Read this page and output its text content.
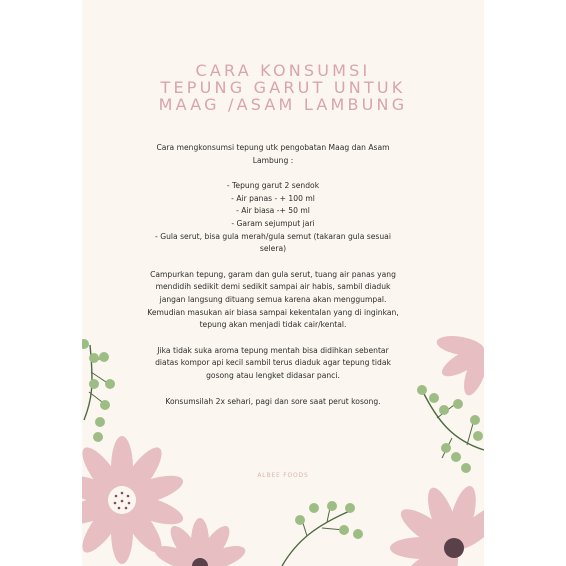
CARA KONSUMSI
TEPUNG GARUT UNTUK
MAAG /ASAM LAMBUNG

Cara mengkonsumsi tepung utk pengobatan Maag dan Asam

Lambung :

- Tepung garut 2 sendok

- Air panas - + 100 ml

- Air biasa -+ 50 ml

- Garam sejumput jari

- Gula serut, bisa gula merah/gula semut (takaran gula sesuai

selera)

Campurkan tepung, garam dan gula serut, tuang air panas yang

mendidih sedikit demi sedikit sampai air habis, sambil diaduk

jangan langsung dituang semua karena akan menggumpal.

Kemudian masukan air biasa sampai kekentalan yang di inginkan,

tepung akan menjadi tidak cair/kental.

Jika tidak suka aroma tepung mentah bisa didihkan sebentar

diatas kompor api kecil sambil terus diaduk agar tepung tidak

gosong atau lengket didasar panci.

Konsumsilah 2x sehari, pagi dan sore saat perut kosong.

ALBEE FOODS
